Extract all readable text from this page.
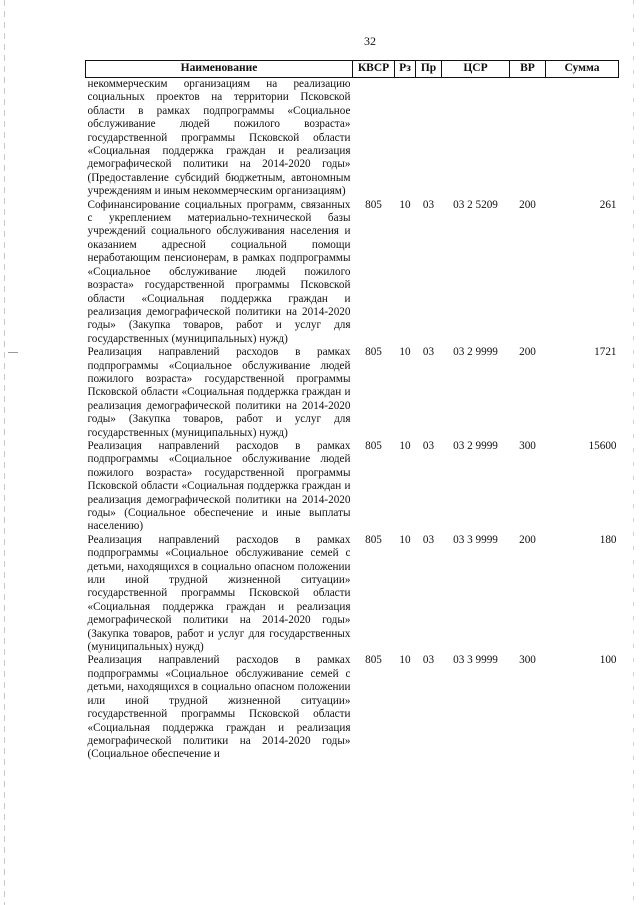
32
Наименование	КВСР	Рз	Пр	ЦСР	ВР	Сумма
некоммерческим организациям на реализацию социальных проектов на территории Псковской области в рамках подпрограммы «Социальное обслуживание людей пожилого возраста» государственной программы Псковской области «Социальная поддержка граждан и реализация демографической политики на 2014-2020 годы» (Предоставление субсидий бюджетным, автономным учреждениям и иным некоммерческим организациям)						
Софинансирование социальных программ, связанных с укреплением материально-технической базы учреждений социального обслуживания населения и оказанием адресной социальной помощи неработающим пенсионерам, в рамках подпрограммы «Социальное обслуживание людей пожилого возраста» государственной программы Псковской области «Социальная поддержка граждан и реализация демографической политики на 2014-2020 годы» (Закупка товаров, работ и услуг для государственных (муниципальных) нужд)	805	10	03	03 2 5209	200	261
Реализация направлений расходов в рамках подпрограммы «Социальное обслуживание людей пожилого возраста» государственной программы Псковской области «Социальная поддержка граждан и реализация демографической политики на 2014-2020 годы» (Закупка товаров, работ и услуг для государственных (муниципальных) нужд)	805	10	03	03 2 9999	200	1721
Реализация направлений расходов в рамках подпрограммы «Социальное обслуживание людей пожилого возраста» государственной программы Псковской области «Социальная поддержка граждан и реализация демографической политики на 2014-2020 годы» (Социальное обеспечение и иные выплаты населению)	805	10	03	03 2 9999	300	15600
Реализация направлений расходов в рамках подпрограммы «Социальное обслуживание семей с детьми, находящихся в социально опасном положении или иной трудной жизненной ситуации» государственной программы Псковской области «Социальная поддержка граждан и реализация демографической политики на 2014-2020 годы» (Закупка товаров, работ и услуг для государственных (муниципальных) нужд)	805	10	03	03 3 9999	200	180
Реализация направлений расходов в рамках подпрограммы «Социальное обслуживание семей с детьми, находящихся в социально опасном положении или иной трудной жизненной ситуации» государственной программы Псковской области «Социальная поддержка граждан и реализация демографической политики на 2014-2020 годы» (Социальное обеспечение и	805	10	03	03 3 9999	300	100
